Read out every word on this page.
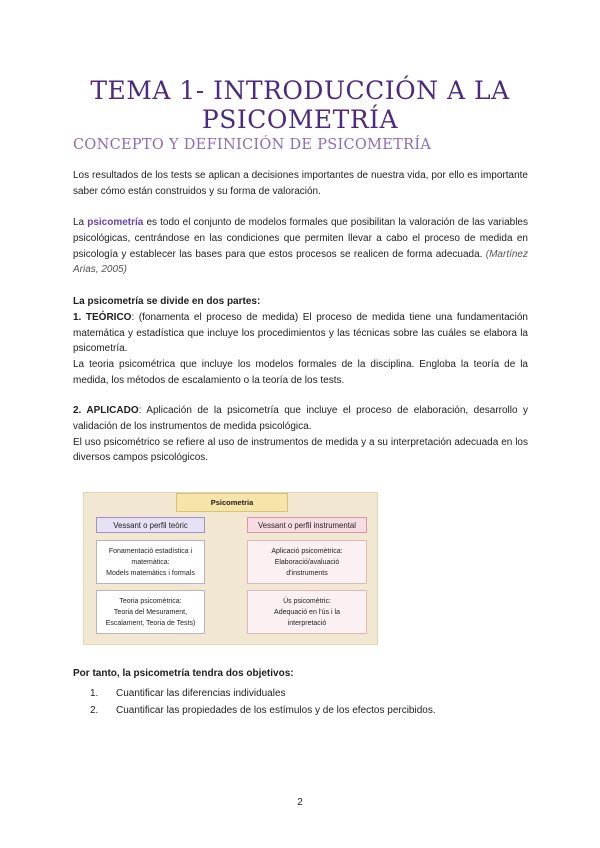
TEMA 1- INTRODUCCIÓN A LA PSICOMETRÍA
CONCEPTO Y DEFINICIÓN DE PSICOMETRÍA

Los resultados de los tests se aplican a decisiones importantes de nuestra vida, por ello es importante saber cómo están construidos y su forma de valoración.

La psicometría es todo el conjunto de modelos formales que posibilitan la valoración de las variables psicológicas, centrándose en las condiciones que permiten llevar a cabo el proceso de medida en psicología y establecer las bases para que estos procesos se realicen de forma adecuada. (Martínez Arias, 2005)

La psicometría se divide en dos partes:
1. TEÓRICO: (fonamenta el proceso de medida) El proceso de medida tiene una fundamentación matemática y estadística que incluye los procedimientos y las técnicas sobre las cuáles se elabora la psicometría.
La teoria psicométrica que incluye los modelos formales de la disciplina. Engloba la teoría de la medida, los métodos de escalamiento o la teoría de los tests.

2. APLICADO: Aplicación de la psicometría que incluye el proceso de elaboración, desarrollo y validación de los instrumentos de medida psicológica.
El uso psicométrico se refiere al uso de instrumentos de medida y a su interpretación adecuada en los diversos campos psicológicos.

Psicometria
Vessant o perfil teòric
Fonamentació estadística i
matemàtica:
Models matemàtics i formals
Teoria psicomètrica:
Teoria del Mesurament,
Escalament, Teoria de Tests)
Vessant o perfil instrumental
Aplicació psicomètrica:
Elaboració/avaluació
d'instruments
Ús psicomètric:
Adequació en l'ús i la
interpretació

Por tanto, la psicometría tendra dos objetivos:

1. Cuantificar las diferencias individuales
2. Cuantificar las propiedades de los estímulos y de los efectos percibidos.
2
